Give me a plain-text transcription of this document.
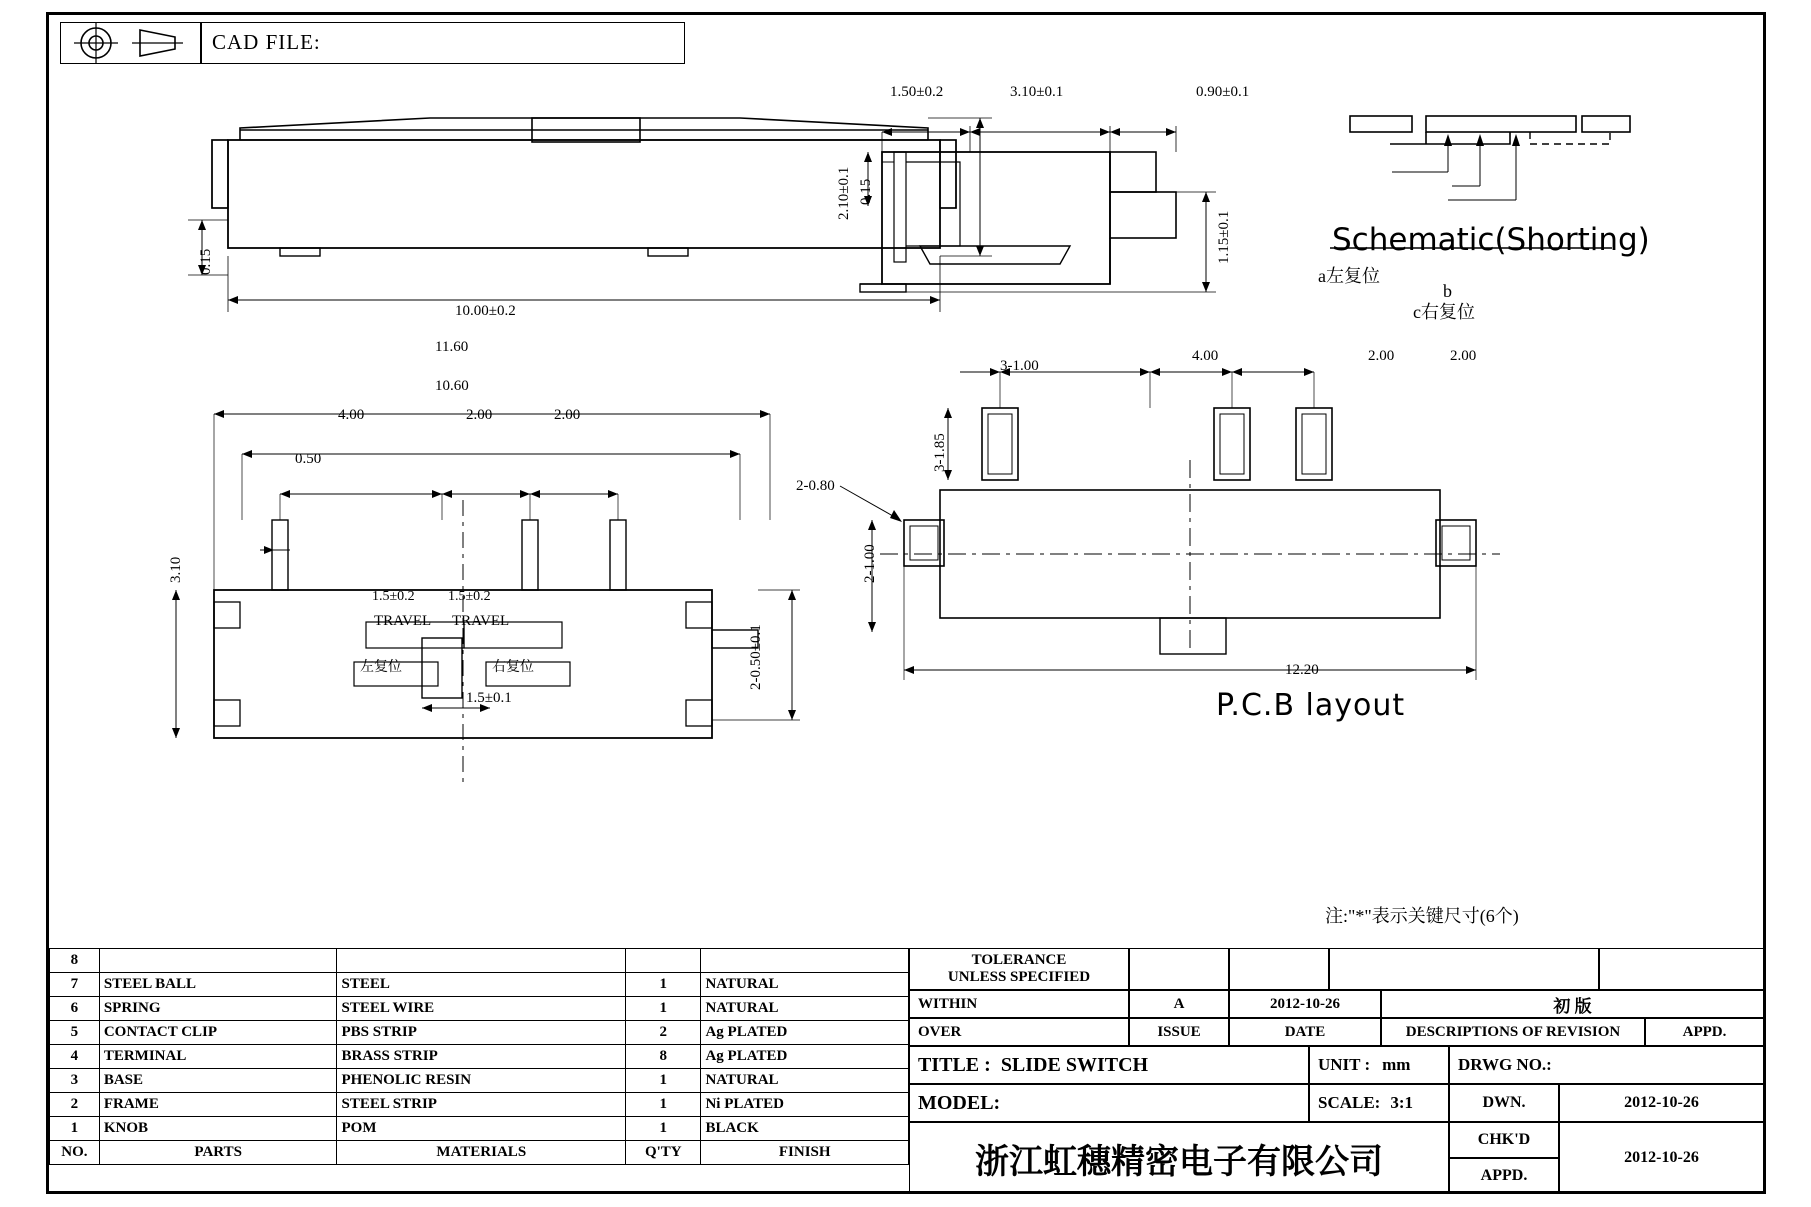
CAD FILE:
2.10±0.1
0.15
10.00±0.2
1.50±0.2	3.10±0.1	0.90±0.1
0.15
1.15±0.1
a左复位
b
c右复位
Schematic(Shorting)
11.60
10.60
4.00	2.00	2.00
0.50
3.10
1.5±0.2 1.5±0.2
TRAVEL TRAVEL
左复位	右复位
1.5±0.1
2-0.50±0.1
3-1.00
4.00	2.00	2.00
3-1.85
2-0.80
2-1.00
12.20
P.C.B layout
注:"*"表示关键尺寸(6个)
8				
7	STEEL BALL	STEEL	1	NATURAL
6	SPRING	STEEL WIRE	1	NATURAL
5	CONTACT CLIP	PBS STRIP	2	Ag PLATED
4	TERMINAL	BRASS STRIP	8	Ag PLATED
3	BASE	PHENOLIC RESIN	1	NATURAL
2	FRAME	STEEL STRIP	1	Ni PLATED
1	KNOB	POM	1	BLACK
NO.	PARTS	MATERIALS	Q'TY	FINISH
TOLERANCE
UNLESS SPECIFIED
WITHIN	A	2012-10-26	初 版
OVER	ISSUE	DATE	DESCRIPTIONS OF REVISION	APPD.
TITLE : SLIDE SWITCH	UNIT : mm	DRWG NO.:
MODEL:	SCALE: 3:1	DWN.	2012-10-26
浙江虹穗精密电子有限公司
CHK'D
APPD.
2012-10-26
